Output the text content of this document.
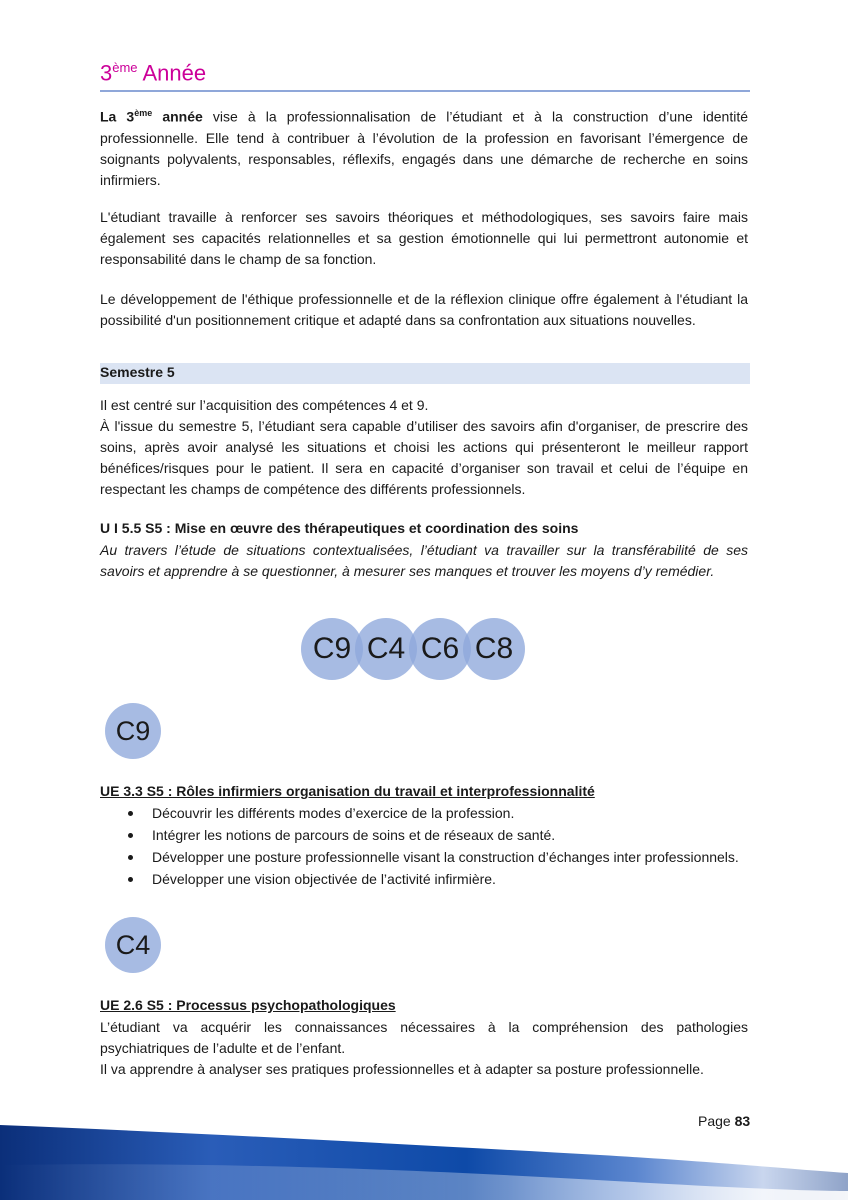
3ème Année

La 3ème année vise à la professionnalisation de l’étudiant et à la construction d’une identité professionnelle. Elle tend à contribuer à l’évolution de la profession en favorisant l’émergence de soignants polyvalents, responsables, réflexifs, engagés dans une démarche de recherche en soins infirmiers.

L'étudiant travaille à renforcer ses savoirs théoriques et méthodologiques, ses savoirs faire mais également ses capacités relationnelles et sa gestion émotionnelle qui lui permettront autonomie et responsabilité dans le champ de sa fonction.

Le développement de l'éthique professionnelle et de la réflexion clinique offre également à l'étudiant la possibilité d'un positionnement critique et adapté dans sa confrontation aux situations nouvelles.

Semestre 5

Il est centré sur l’acquisition des compétences 4 et 9.

À l'issue du semestre 5, l’étudiant sera capable d’utiliser des savoirs afin d'organiser, de prescrire des soins, après avoir analysé les situations et choisi les actions qui présenteront le meilleur rapport bénéfices/risques pour le patient. Il sera en capacité d’organiser son travail et celui de l’équipe en respectant les champs de compétence des différents professionnels.

U I 5.5 S5 : Mise en œuvre des thérapeutiques et coordination des soins

Au travers l’étude de situations contextualisées, l’étudiant va travailler sur la transférabilité de ses savoirs et apprendre à se questionner, à mesurer ses manques et trouver les moyens d’y remédier.

C9 C4 C6 C8
C9
UE 3.3 S5 : Rôles infirmiers organisation du travail et interprofessionnalité
Découvrir les différents modes d’exercice de la profession.
Intégrer les notions de parcours de soins et de réseaux de santé.
Développer une posture professionnelle visant la construction d’échanges inter professionnels.
Développer une vision objectivée de l’activité infirmière.
C4
UE 2.6 S5 : Processus psychopathologiques

L’étudiant va acquérir les connaissances nécessaires à la compréhension des pathologies psychiatriques de l’adulte et de l’enfant.

Il va apprendre à analyser ses pratiques professionnelles et à adapter sa posture professionnelle.

Page 83
